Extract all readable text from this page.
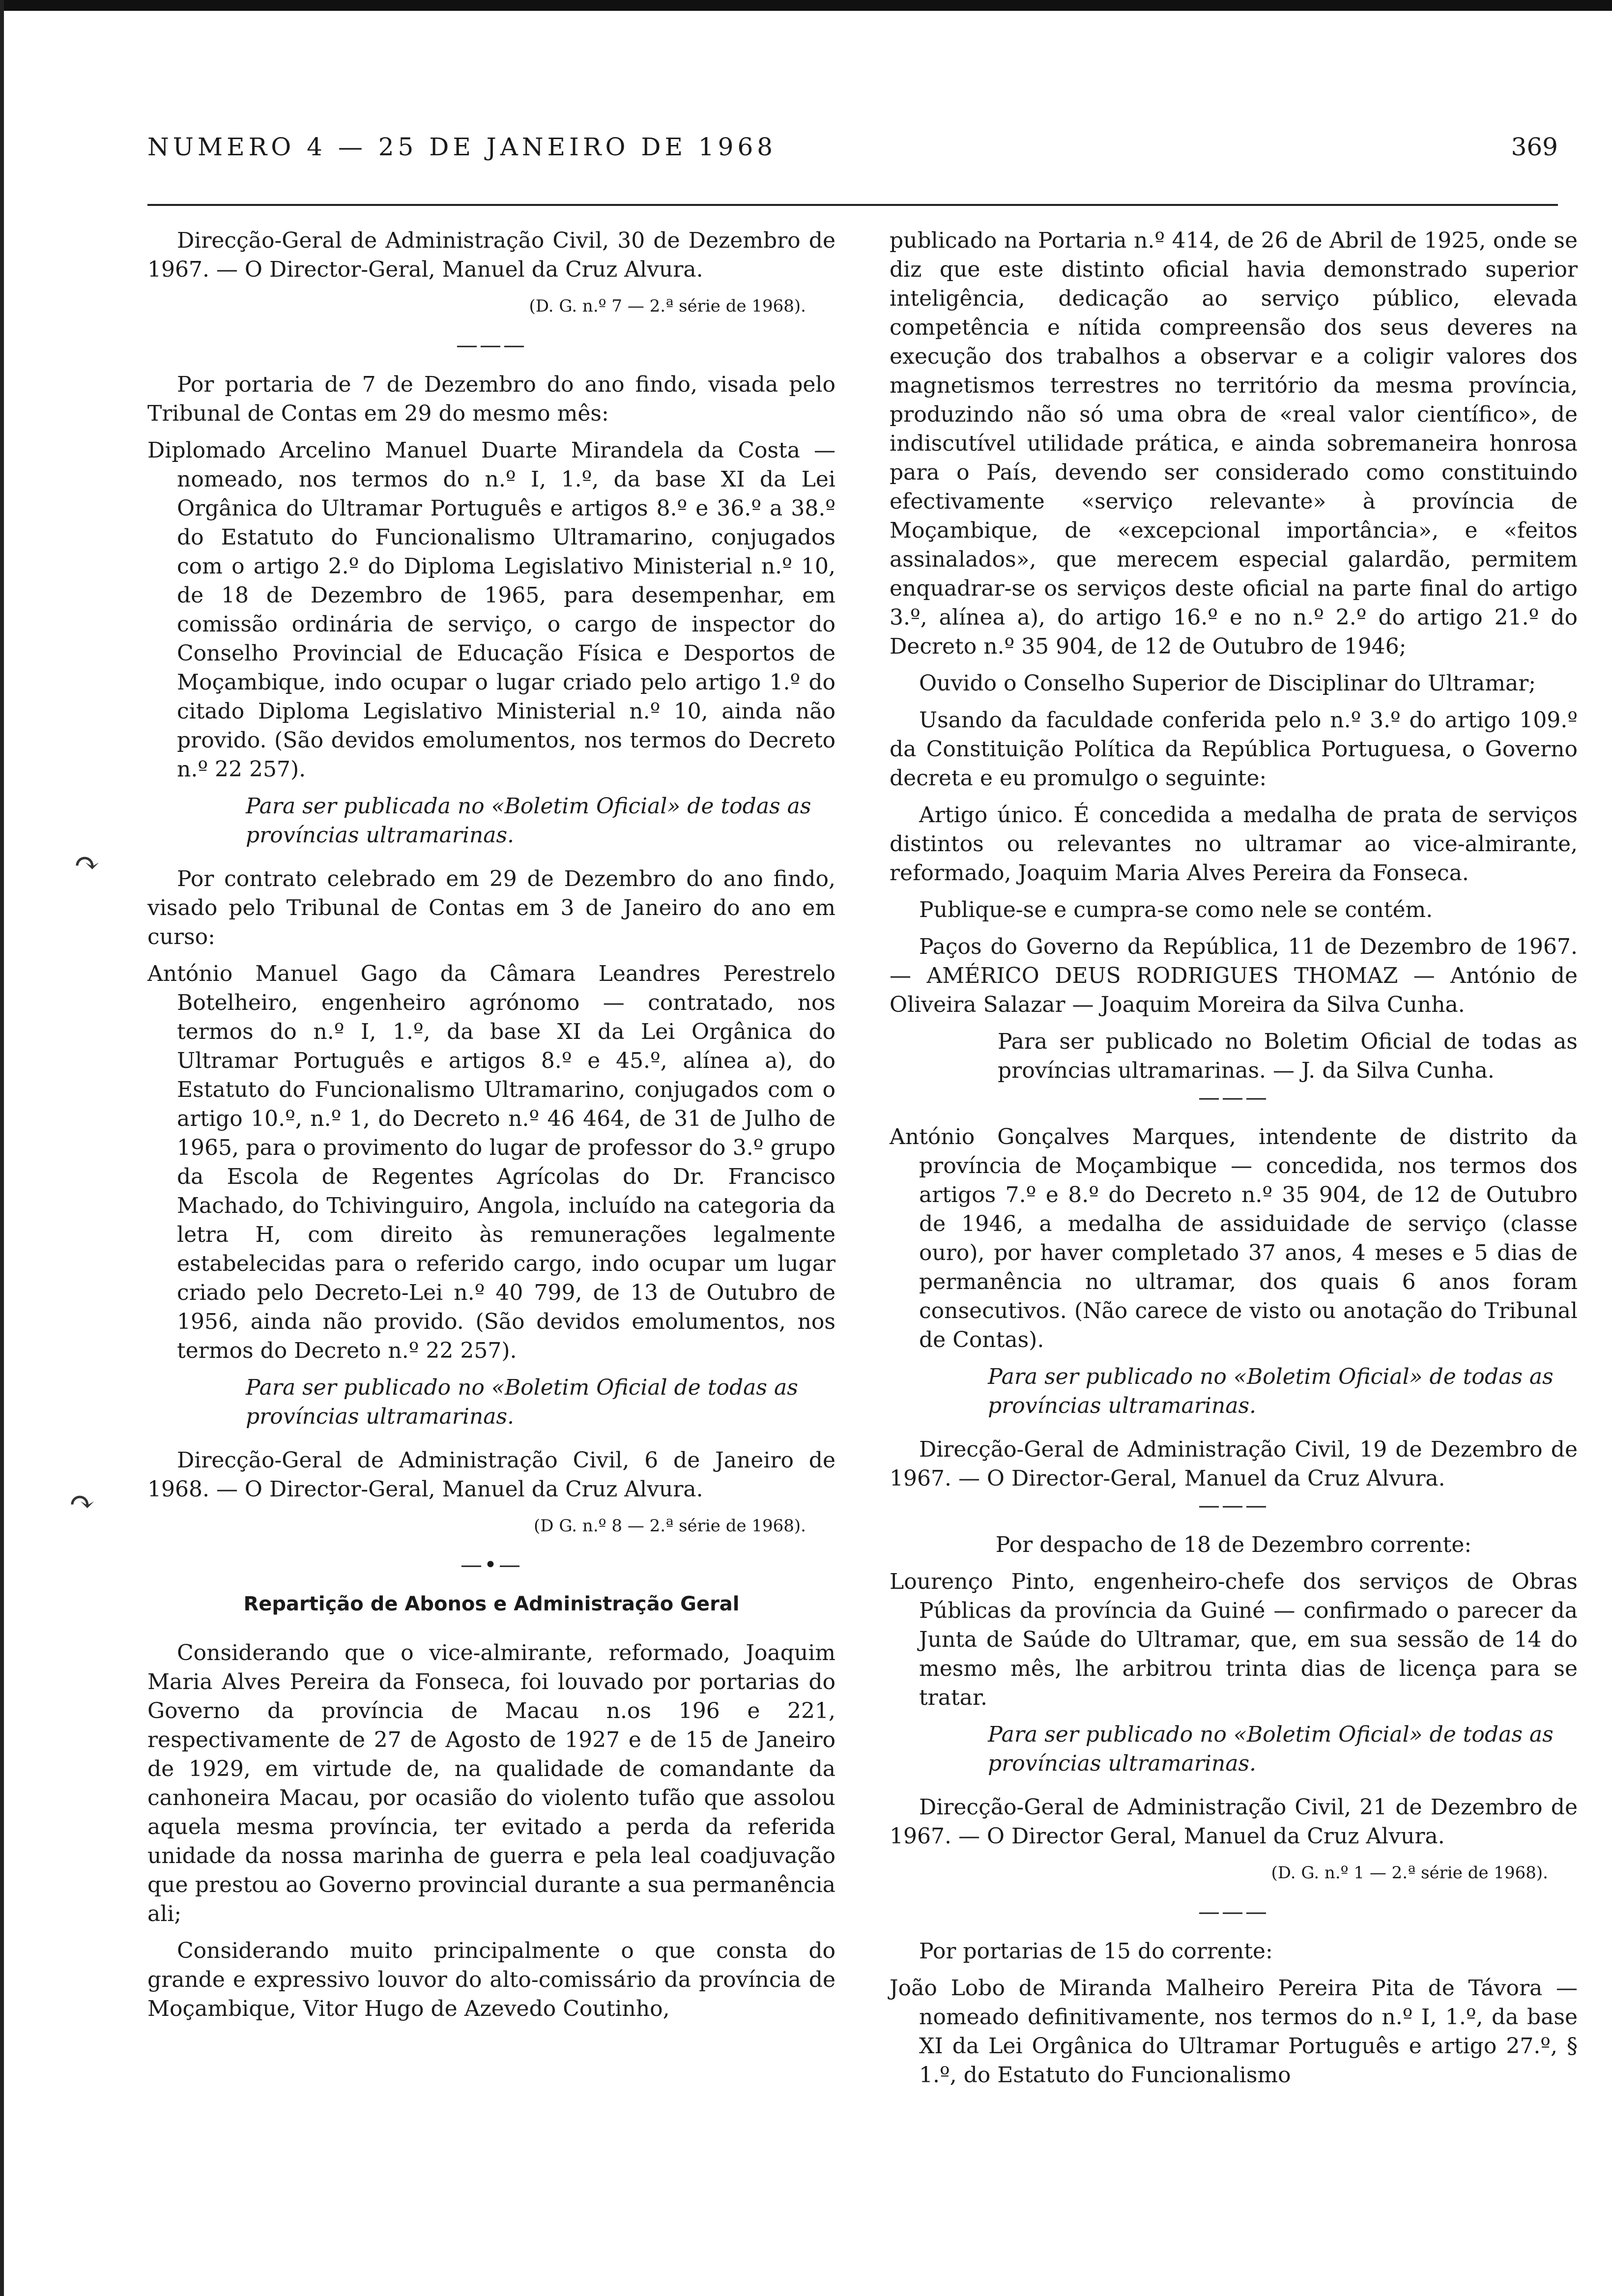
NUMERO 4 — 25 DE JANEIRO DE 1968	369

Direcção-Geral de Administração Civil, 30 de Dezembro de 1967. — O Director-Geral, Manuel da Cruz Alvura.

(D. G. n.º 7 — 2.ª série de 1968).

———

Por portaria de 7 de Dezembro do ano findo, visada pelo Tribunal de Contas em 29 do mesmo mês:

Diplomado Arcelino Manuel Duarte Mirandela da Costa — nomeado, nos termos do n.º I, 1.º, da base XI da Lei Orgânica do Ultramar Português e artigos 8.º e 36.º a 38.º do Estatuto do Funcionalismo Ultramarino, conjugados com o artigo 2.º do Diploma Legislativo Ministerial n.º 10, de 18 de Dezembro de 1965, para desempenhar, em comissão ordinária de serviço, o cargo de inspector do Conselho Provincial de Educação Física e Desportos de Moçambique, indo ocupar o lugar criado pelo artigo 1.º do citado Diploma Legislativo Ministerial n.º 10, ainda não provido. (São devidos emolumentos, nos termos do Decreto n.º 22 257).

Para ser publicada no «Boletim Oficial» de todas as províncias ultramarinas.

Por contrato celebrado em 29 de Dezembro do ano findo, visado pelo Tribunal de Contas em 3 de Janeiro do ano em curso:

António Manuel Gago da Câmara Leandres Perestrelo Botelheiro, engenheiro agrónomo — contratado, nos termos do n.º I, 1.º, da base XI da Lei Orgânica do Ultramar Português e artigos 8.º e 45.º, alínea a), do Estatuto do Funcionalismo Ultramarino, conjugados com o artigo 10.º, n.º 1, do Decreto n.º 46 464, de 31 de Julho de 1965, para o provimento do lugar de professor do 3.º grupo da Escola de Regentes Agrícolas do Dr. Francisco Machado, do Tchivinguiro, Angola, incluído na categoria da letra H, com direito às remunerações legalmente estabelecidas para o referido cargo, indo ocupar um lugar criado pelo Decreto-Lei n.º 40 799, de 13 de Outubro de 1956, ainda não provido. (São devidos emolumentos, nos termos do Decreto n.º 22 257).

Para ser publicado no «Boletim Oficial de todas as províncias ultramarinas.

Direcção-Geral de Administração Civil, 6 de Janeiro de 1968. — O Director-Geral, Manuel da Cruz Alvura.

(D G. n.º 8 — 2.ª série de 1968).

—•—

Repartição de Abonos e Administração Geral

Considerando que o vice-almirante, reformado, Joaquim Maria Alves Pereira da Fonseca, foi louvado por portarias do Governo da província de Macau n.os 196 e 221, respectivamente de 27 de Agosto de 1927 e de 15 de Janeiro de 1929, em virtude de, na qualidade de comandante da canhoneira Macau, por ocasião do violento tufão que assolou aquela mesma província, ter evitado a perda da referida unidade da nossa marinha de guerra e pela leal coadjuvação que prestou ao Governo provincial durante a sua permanência ali;

Considerando muito principalmente o que consta do grande e expressivo louvor do alto-comissário da província de Moçambique, Vitor Hugo de Azevedo Coutinho,

publicado na Portaria n.º 414, de 26 de Abril de 1925, onde se diz que este distinto oficial havia demonstrado superior inteligência, dedicação ao serviço público, elevada competência e nítida compreensão dos seus deveres na execução dos trabalhos a observar e a coligir valores dos magnetismos terrestres no território da mesma província, produzindo não só uma obra de «real valor científico», de indiscutível utilidade prática, e ainda sobremaneira honrosa para o País, devendo ser considerado como constituindo efectivamente «serviço relevante» à província de Moçambique, de «excepcional importância», e «feitos assinalados», que merecem especial galardão, permitem enquadrar-se os serviços deste oficial na parte final do artigo 3.º, alínea a), do artigo 16.º e no n.º 2.º do artigo 21.º do Decreto n.º 35 904, de 12 de Outubro de 1946;

Ouvido o Conselho Superior de Disciplinar do Ultramar;

Usando da faculdade conferida pelo n.º 3.º do artigo 109.º da Constituição Política da República Portuguesa, o Governo decreta e eu promulgo o seguinte:

Artigo único. É concedida a medalha de prata de serviços distintos ou relevantes no ultramar ao vice-almirante, reformado, Joaquim Maria Alves Pereira da Fonseca.

Publique-se e cumpra-se como nele se contém.

Paços do Governo da República, 11 de Dezembro de 1967. — AMÉRICO DEUS RODRIGUES THOMAZ — António de Oliveira Salazar — Joaquim Moreira da Silva Cunha.

Para ser publicado no Boletim Oficial de todas as províncias ultramarinas. — J. da Silva Cunha.

———

António Gonçalves Marques, intendente de distrito da província de Moçambique — concedida, nos termos dos artigos 7.º e 8.º do Decreto n.º 35 904, de 12 de Outubro de 1946, a medalha de assiduidade de serviço (classe ouro), por haver completado 37 anos, 4 meses e 5 dias de permanência no ultramar, dos quais 6 anos foram consecutivos. (Não carece de visto ou anotação do Tribunal de Contas).

Para ser publicado no «Boletim Oficial» de todas as províncias ultramarinas.

Direcção-Geral de Administração Civil, 19 de Dezembro de 1967. — O Director-Geral, Manuel da Cruz Alvura.

———

Por despacho de 18 de Dezembro corrente:

Lourenço Pinto, engenheiro-chefe dos serviços de Obras Públicas da província da Guiné — confirmado o parecer da Junta de Saúde do Ultramar, que, em sua sessão de 14 do mesmo mês, lhe arbitrou trinta dias de licença para se tratar.

Para ser publicado no «Boletim Oficial» de todas as províncias ultramarinas.

Direcção-Geral de Administração Civil, 21 de Dezembro de 1967. — O Director Geral, Manuel da Cruz Alvura.

(D. G. n.º 1 — 2.ª série de 1968).

———

Por portarias de 15 do corrente:

João Lobo de Miranda Malheiro Pereira Pita de Távora — nomeado definitivamente, nos termos do n.º I, 1.º, da base XI da Lei Orgânica do Ultramar Português e artigo 27.º, § 1.º, do Estatuto do Funcionalismo

↷
↷
